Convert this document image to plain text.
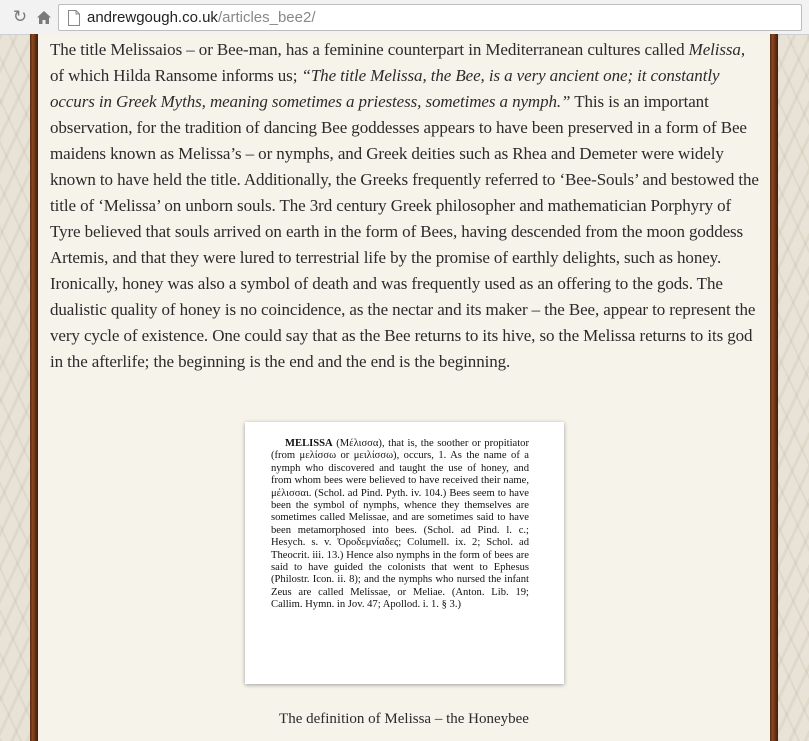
↻	andrewgough.co.uk/articles_bee2/

The title Melissaios – or Bee-man, has a feminine counterpart in Mediterranean cultures called Melissa, of which Hilda Ransome informs us; “The title Melissa, the Bee, is a very ancient one; it constantly occurs in Greek Myths, meaning sometimes a priestess, sometimes a nymph.” This is an important observation, for the tradition of dancing Bee goddesses appears to have been preserved in a form of Bee maidens known as Melissa’s – or nymphs, and Greek deities such as Rhea and Demeter were widely known to have held the title. Additionally, the Greeks frequently referred to ‘Bee-Souls’ and bestowed the title of ‘Melissa’ on unborn souls. The 3rd century Greek philosopher and mathematician Porphyry of Tyre believed that souls arrived on earth in the form of Bees, having descended from the moon goddess Artemis, and that they were lured to terrestrial life by the promise of earthly delights, such as honey. Ironically, honey was also a symbol of death and was frequently used as an offering to the gods. The dualistic quality of honey is no coincidence, as the nectar and its maker – the Bee, appear to represent the very cycle of existence. One could say that as the Bee returns to its hive, so the Melissa returns to its god in the afterlife; the beginning is the end and the end is the beginning.

MELISSA (Μέλισσα), that is, the soother or propitiator (from μελίσσω or μειλίσσω), occurs, 1. As the name of a nymph who discovered and taught the use of honey, and from whom bees were believed to have received their name, μέλισσαι. (Schol. ad Pind. Pyth. iv. 104.) Bees seem to have been the symbol of nymphs, whence they themselves are sometimes called Melissae, and are sometimes said to have been metamorphosed into bees. (Schol. ad Pind. l. c.; Hesych. s. v. Ὀροδεμνίαδες; Columell. ix. 2; Schol. ad Theocrit. iii. 13.) Hence also nymphs in the form of bees are said to have guided the colonists that went to Ephesus (Philostr. Icon. ii. 8); and the nymphs who nursed the infant Zeus are called Melissae, or Meliae. (Anton. Lib. 19; Callim. Hymn. in Jov. 47; Apollod. i. 1. § 3.)

The definition of Melissa – the Honeybee
